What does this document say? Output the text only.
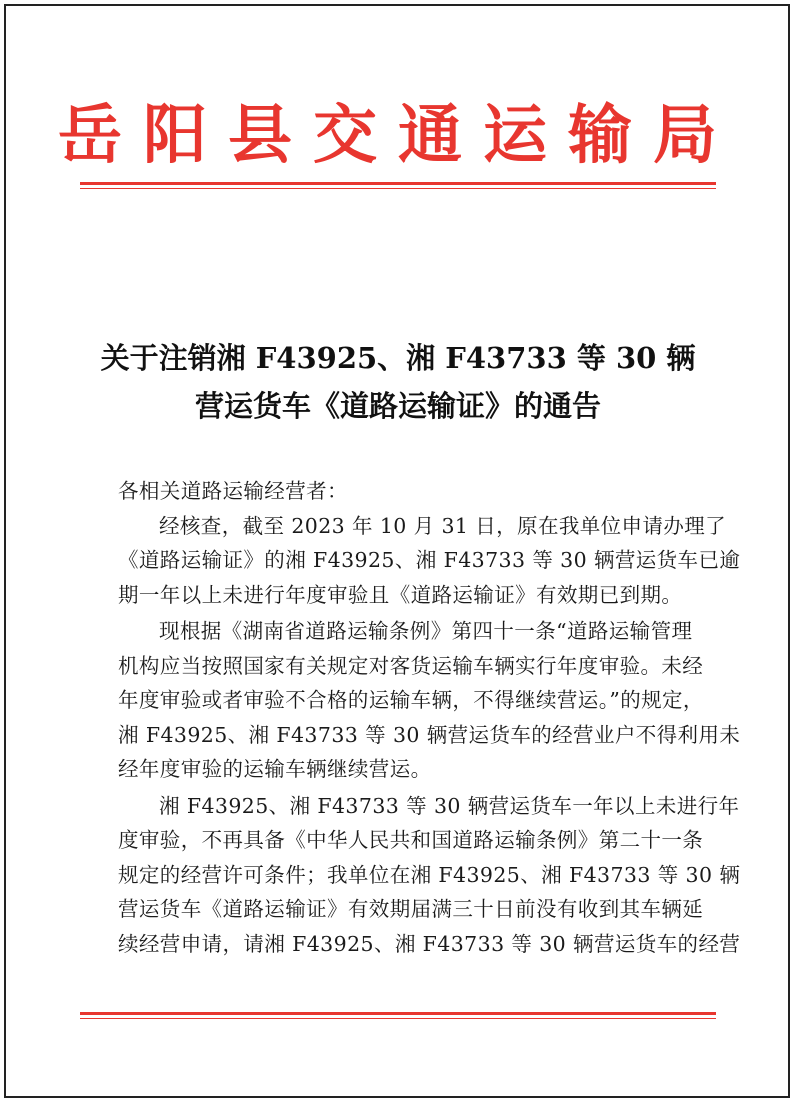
岳阳县交通运输局
关于注销湘 F43925、湘 F43733 等 30 辆
营运货车《道路运输证》的通告
各相关道路运输经营者：
经核查，截至 2023 年 10 月 31 日，原在我单位申请办理了
《道路运输证》的湘 F43925、湘 F43733 等 30 辆营运货车已逾
期一年以上未进行年度审验且《道路运输证》有效期已到期。
现根据《湖南省道路运输条例》第四十一条“道路运输管理
机构应当按照国家有关规定对客货运输车辆实行年度审验。未经
年度审验或者审验不合格的运输车辆，不得继续营运。”的规定，
湘 F43925、湘 F43733 等 30 辆营运货车的经营业户不得利用未
经年度审验的运输车辆继续营运。
湘 F43925、湘 F43733 等 30 辆营运货车一年以上未进行年
度审验，不再具备《中华人民共和国道路运输条例》第二十一条
规定的经营许可条件；我单位在湘 F43925、湘 F43733 等 30 辆
营运货车《道路运输证》有效期届满三十日前没有收到其车辆延
续经营申请，请湘 F43925、湘 F43733 等 30 辆营运货车的经营
